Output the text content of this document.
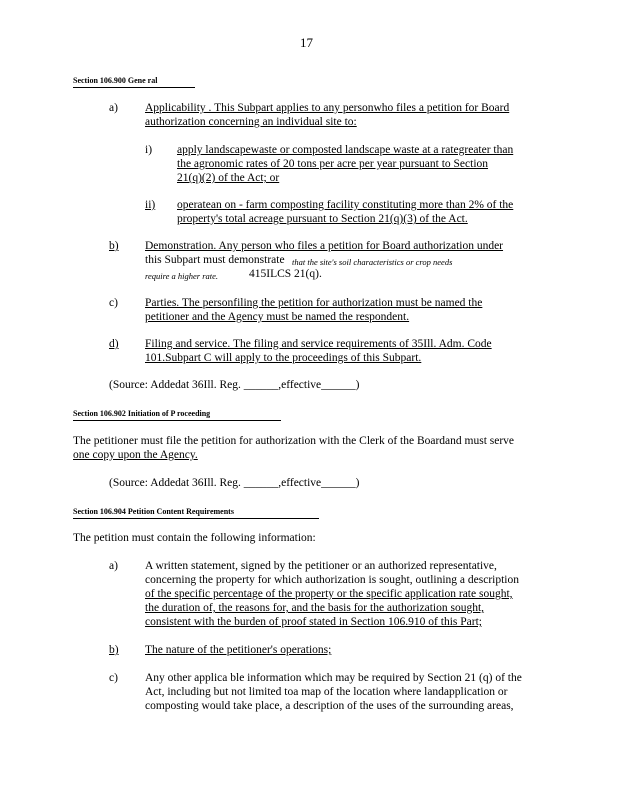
17
Section 106.900 Gene ral
a) Applicability . This Subpart applies to any personwho files a petition for Board
authorization concerning an individual site to:
i) apply landscapewaste or composted landscape waste at a rategreater than
the agronomic rates of 20 tons per acre per year pursuant to Section
21(q)(2) of the Act; or
ii) operatean on - farm composting facility constituting more than 2% of the
property's total acreage pursuant to Section 21(q)(3) of the Act.
b) Demonstration. Any person who files a petition for Board authorization under
this Subpart must demonstrate that the site's soil characteristics or crop needs
require a higher rate.	415ILCS 21(q).
c) Parties. The personfiling the petition for authorization must be named the
petitioner and the Agency must be named the respondent.
d) Filing and service. The filing and service requirements of 35Ill. Adm. Code
101.Subpart C will apply to the proceedings of this Subpart.
(Source: Addedat 36Ill. Reg. ______,effective______)
Section 106.902 Initiation of P roceeding
The petitioner must file the petition for authorization with the Clerk of the Boardand must serve
one copy upon the Agency.
(Source: Addedat 36Ill. Reg. ______,effective______)
Section 106.904 Petition Content Requirements
The petition must contain the following information:
a) A written statement, signed by the petitioner or an authorized representative,
concerning the property for which authorization is sought, outlining a description
of the specific percentage of the property or the specific application rate sought,
the duration of, the reasons for, and the basis for the authorization sought,
consistent with the burden of proof stated in Section 106.910 of this Part;
b) The nature of the petitioner's operations;
c) Any other applica ble information which may be required by Section 21 (q) of the
Act, including but not limited toa map of the location where landapplication or
composting would take place, a description of the uses of the surrounding areas,
